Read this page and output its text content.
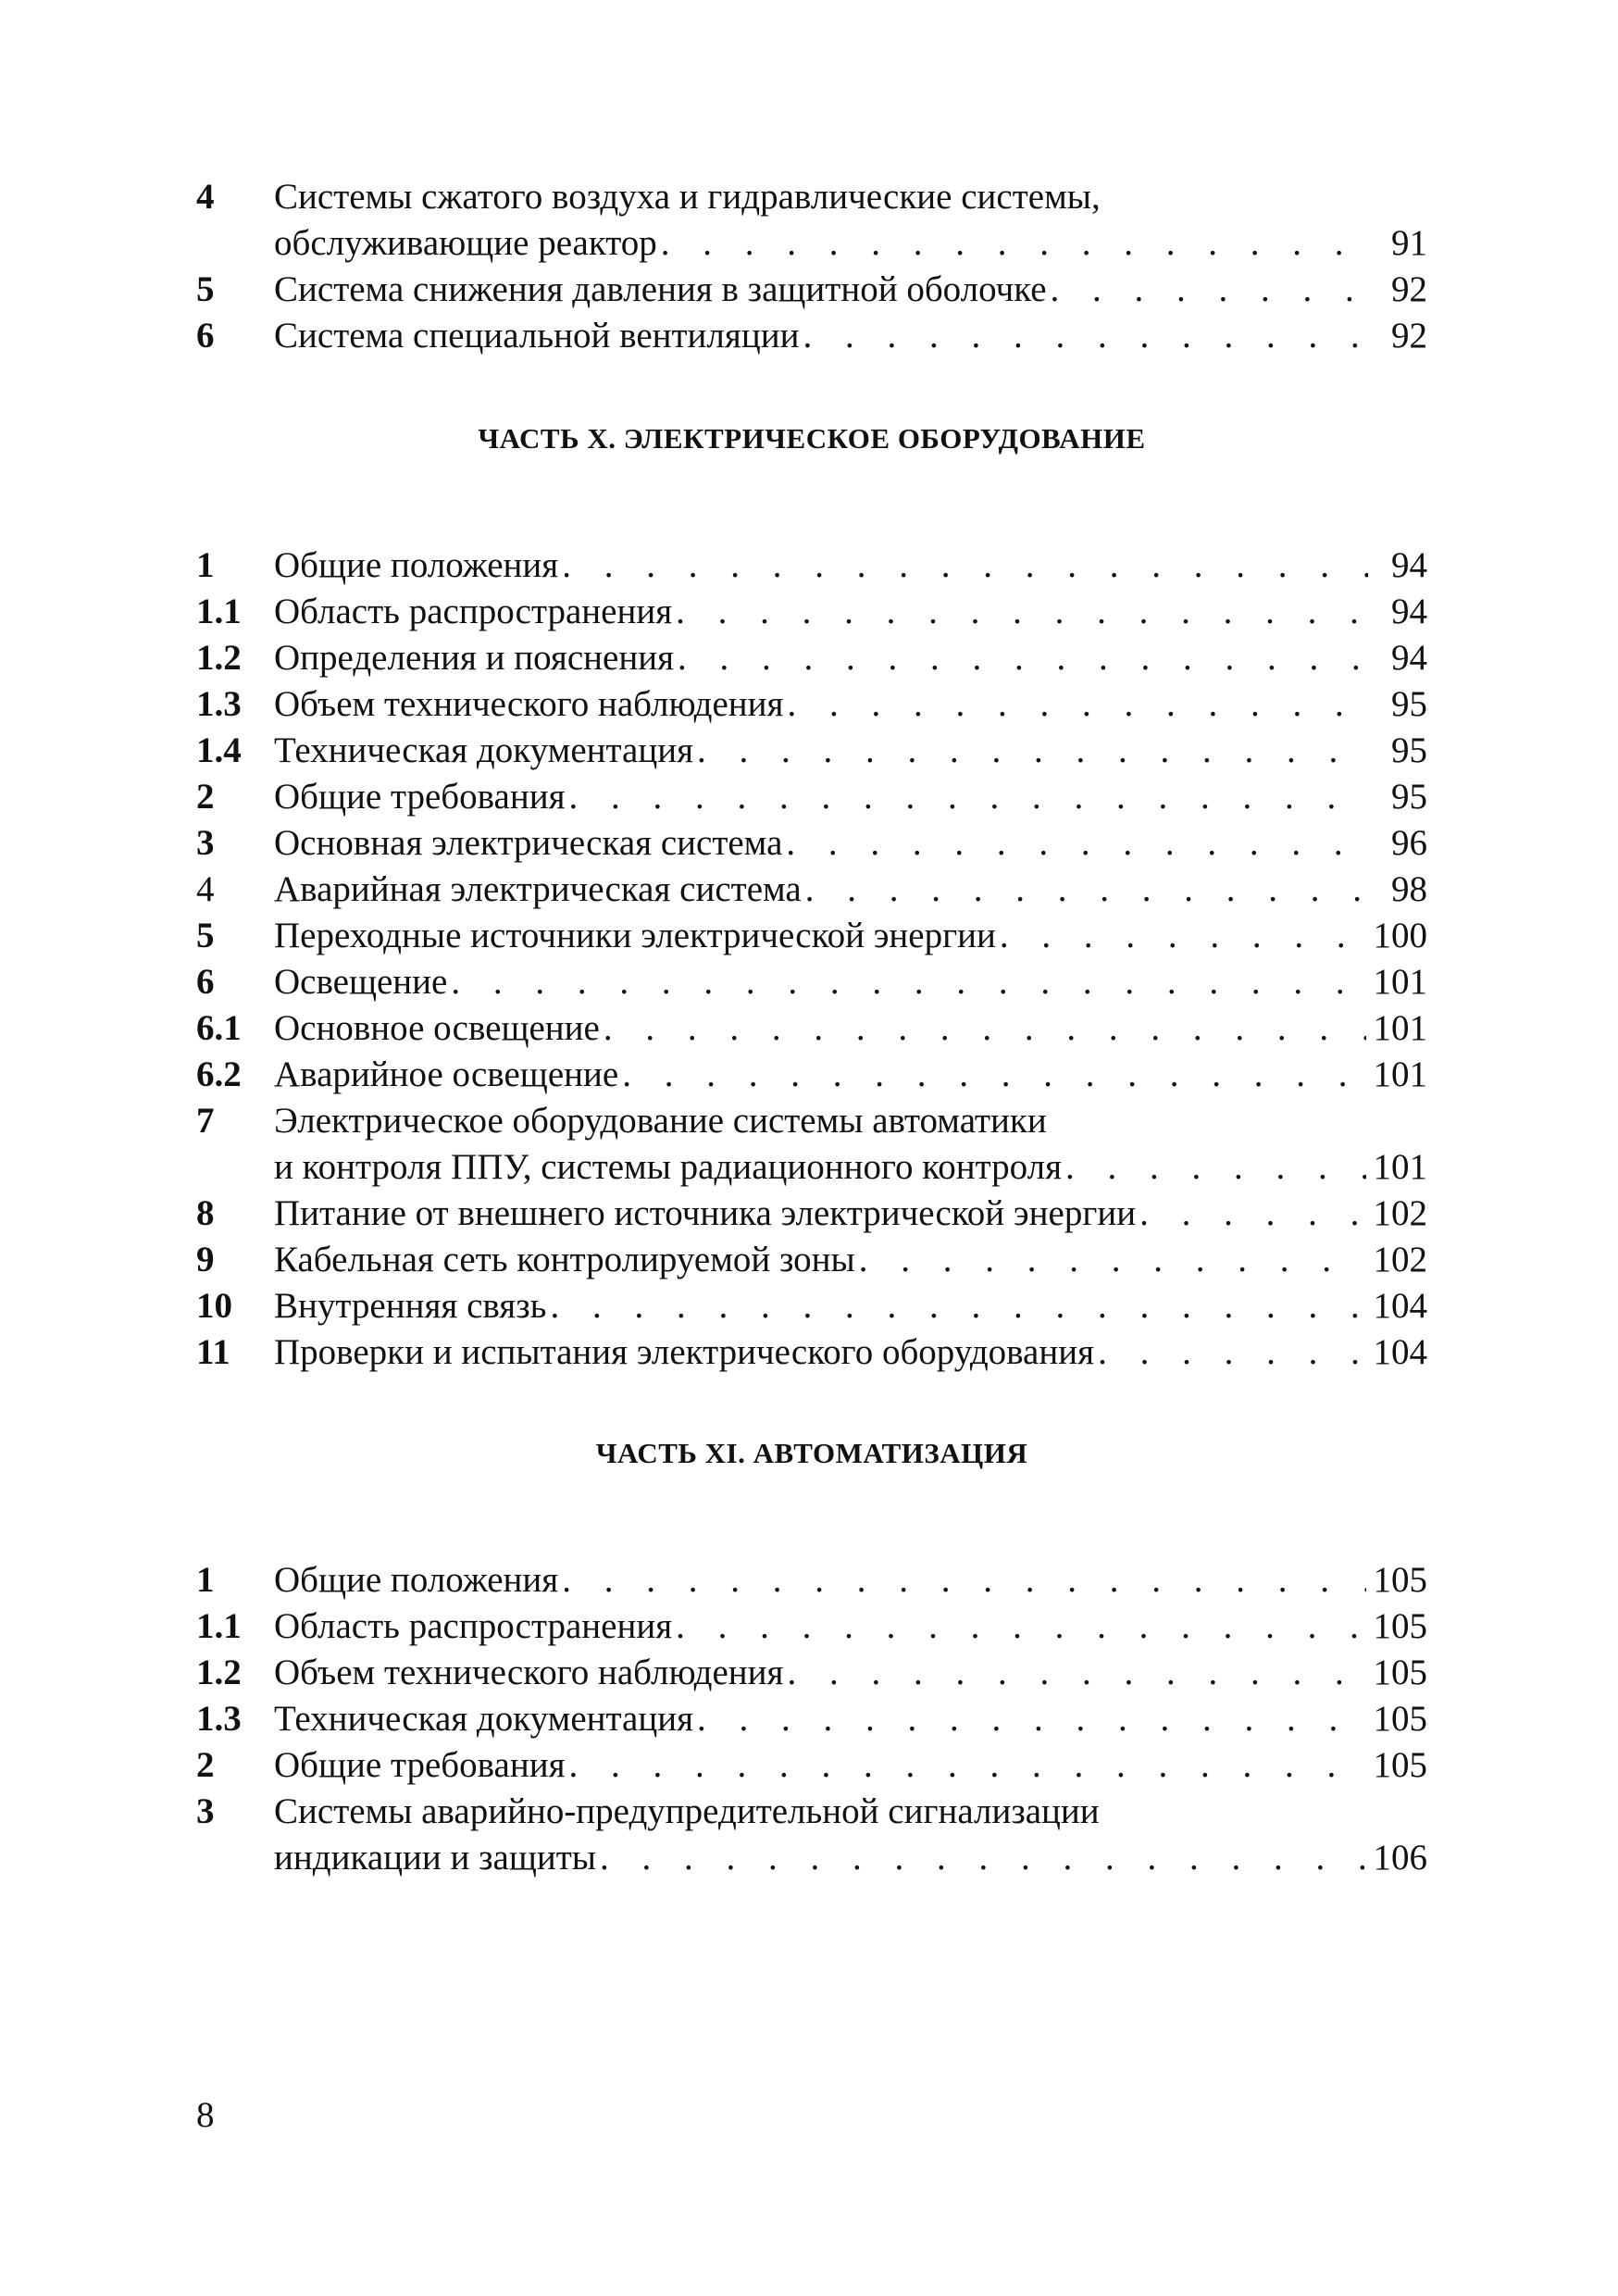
4	Системы сжатого воздуха и гидравлические системы,
обслуживающие реактор . . .	91
5	Система снижения давления в защитной оболочке . . .	92
6	Система специальной вентиляции . . .	92
ЧАСТЬ X. ЭЛЕКТРИЧЕСКОЕ ОБОРУДОВАНИЕ
1	Общие положения . . .	94
1.1 Область распространения . . .	94
1.2 Определения и пояснения . . .	94
1.3 Объем технического наблюдения . . .	95
1.4 Техническая документация . . .	95
2	Общие требования . . .	95
3	Основная электрическая система . . .	96
4	Аварийная электрическая система . . .	98
5	Переходные источники электрической энергии . . .	100
6	Освещение . . .	101
6.1 Основное освещение . . .	101
6.2 Аварийное освещение . . .	101
7	Электрическое оборудование системы автоматики
и контроля ППУ, системы радиационного контроля . . .	101
8	Питание от внешнего источника электрической энергии . . .	102
9	Кабельная сеть контролируемой зоны . . .	102
10	Внутренняя связь . . .	104
11	Проверки и испытания электрического оборудования . . .	104
ЧАСТЬ XI. АВТОМАТИЗАЦИЯ
1	Общие положения . . .	105
1.1 Область распространения . . .	105
1.2 Объем технического наблюдения . . .	105
1.3 Техническая документация . . .	105
2	Общие требования . . .	105
3	Системы аварийно-предупредительной сигнализации
индикации и защиты . . .	106
8
